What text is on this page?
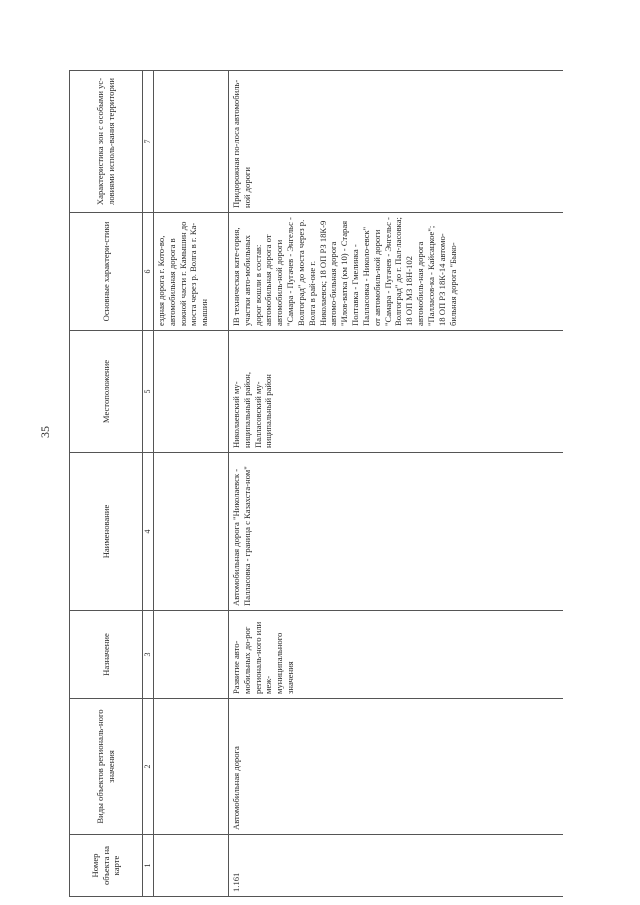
35
Номер объекта на карте	Виды объектов региональ-ного значения	Назначение	Наименование	Местоположение	Основные характери-стики	Характеристика зон с особыми ус-ловиями исполь-вания территории
1	2	3	4	5	6	7
					ездная дорога г. Кото-во, автомобильная дорога в южной части г. Камышин до моста через р. Волга в г. Ка-мышин	
1.161	Автомобильная дорога	Развитие авто-мобильных до-рог региональ-ного или меж-муниципального значения	Автомобильная дорога "Николаевск - Палласовка - граница с Казахста-ном"	Николаевский му-ниципальный район, Палласовский му-ниципальный район	IB техническая кате-гория, участки авто-мобильных дорог вошли в состав: автомобильная дорога от автомобиль-ной дороги "Самара - Пугачев - Энгельс - Волгоград" до моста через р. Волга в рай-оне г. Николаевск; 18 ОП РЗ 18К-9 автомо-бильная дорога "Илов-ватка (км 10) - Старая Полтавка - Гмелинка - Палласовка - Николо-евск" от автомобиль-ной дороги "Самара - Пугачев - Энгельс - Волгоград" до г. Пал-ласовка; 18 ОП МЗ 18Н-102 автомобиль-ная дорога "Палласов-ка - Кайсацкое"; 18 ОП РЗ 18К-14 автомо-бильная дорога "Быко-	Придорожная по-лоса автомобиль-ной дороги
